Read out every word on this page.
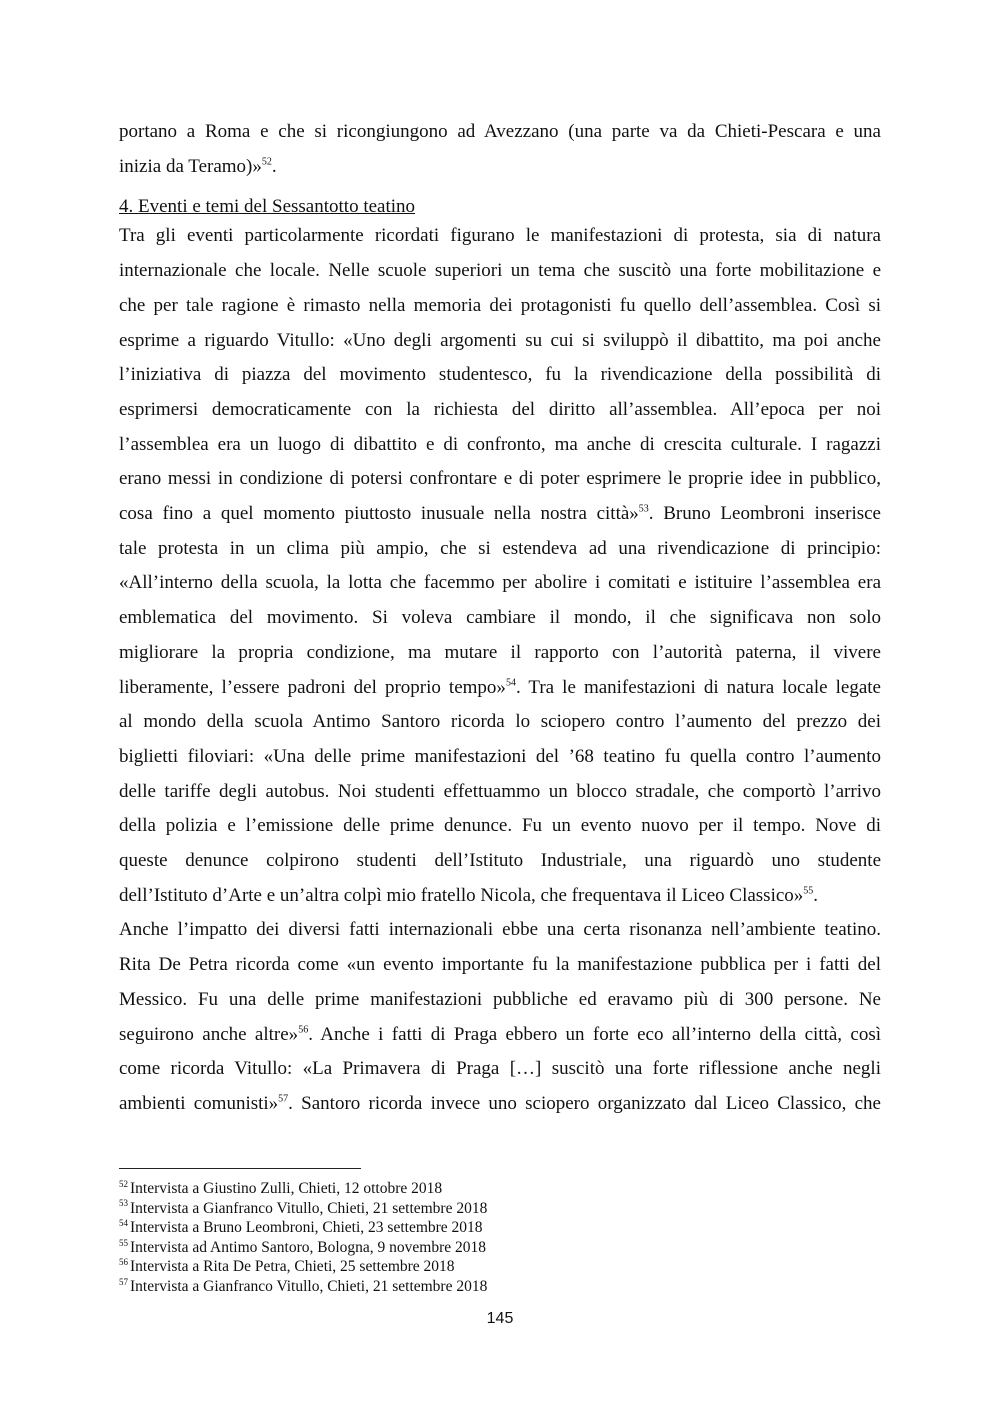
portano a Roma e che si ricongiungono ad Avezzano (una parte va da Chieti-Pescara e una
inizia da Teramo)»$^{52}$.

4. Eventi e temi del Sessantotto teatino

Tra gli eventi particolarmente ricordati figurano le manifestazioni di protesta, sia di natura
internazionale che locale. Nelle scuole superiori un tema che suscitò una forte mobilitazione e
che per tale ragione è rimasto nella memoria dei protagonisti fu quello dell’assemblea. Così si
esprime a riguardo Vitullo: «Uno degli argomenti su cui si sviluppò il dibattito, ma poi anche
l’iniziativa di piazza del movimento studentesco, fu la rivendicazione della possibilità di
esprimersi democraticamente con la richiesta del diritto all’assemblea. All’epoca per noi
l’assemblea era un luogo di dibattito e di confronto, ma anche di crescita culturale. I ragazzi
erano messi in condizione di potersi confrontare e di poter esprimere le proprie idee in pubblico,
cosa fino a quel momento piuttosto inusuale nella nostra città»$^{53}$. Bruno Leombroni inserisce
tale protesta in un clima più ampio, che si estendeva ad una rivendicazione di principio:
«All’interno della scuola, la lotta che facemmo per abolire i comitati e istituire l’assemblea era
emblematica del movimento. Si voleva cambiare il mondo, il che significava non solo
migliorare la propria condizione, ma mutare il rapporto con l’autorità paterna, il vivere
liberamente, l’essere padroni del proprio tempo»$^{54}$. Tra le manifestazioni di natura locale legate
al mondo della scuola Antimo Santoro ricorda lo sciopero contro l’aumento del prezzo dei
biglietti filoviari: «Una delle prime manifestazioni del ’68 teatino fu quella contro l’aumento
delle tariffe degli autobus. Noi studenti effettuammo un blocco stradale, che comportò l’arrivo
della polizia e l’emissione delle prime denunce. Fu un evento nuovo per il tempo. Nove di
queste denunce colpirono studenti dell’Istituto Industriale, una riguardò uno studente
dell’Istituto d’Arte e un’altra colpì mio fratello Nicola, che frequentava il Liceo Classico»$^{55}$.
Anche l’impatto dei diversi fatti internazionali ebbe una certa risonanza nell’ambiente teatino.
Rita De Petra ricorda come «un evento importante fu la manifestazione pubblica per i fatti del
Messico. Fu una delle prime manifestazioni pubbliche ed eravamo più di 300 persone. Ne
seguirono anche altre»$^{56}$. Anche i fatti di Praga ebbero un forte eco all’interno della città, così
come ricorda Vitullo: «La Primavera di Praga […] suscitò una forte riflessione anche negli
ambienti comunisti»$^{57}$. Santoro ricorda invece uno sciopero organizzato dal Liceo Classico, che

$^{52}$ Intervista a Giustino Zulli, Chieti, 12 ottobre 2018
$^{53}$ Intervista a Gianfranco Vitullo, Chieti, 21 settembre 2018
$^{54}$ Intervista a Bruno Leombroni, Chieti, 23 settembre 2018
$^{55}$ Intervista ad Antimo Santoro, Bologna, 9 novembre 2018
$^{56}$ Intervista a Rita De Petra, Chieti, 25 settembre 2018
$^{57}$ Intervista a Gianfranco Vitullo, Chieti, 21 settembre 2018
145
